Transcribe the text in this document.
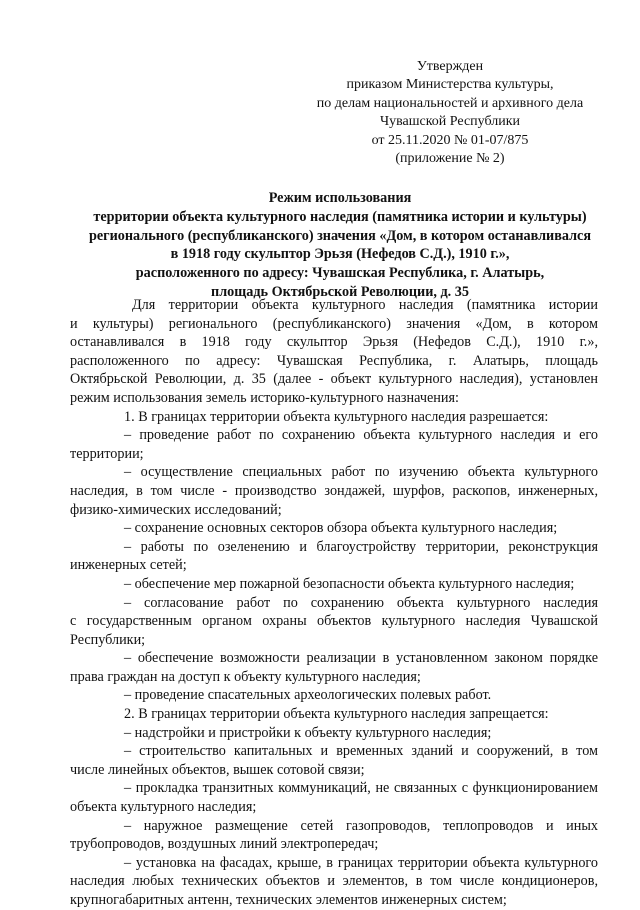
Утвержден
приказом Министерства культуры,
по делам национальностей и архивного дела
Чувашской Республики
от 25.11.2020 № 01-07/875
(приложение № 2)
Режим использования
территории объекта культурного наследия (памятника истории и культуры)
регионального (республиканского) значения «Дом, в котором останавливался
в 1918 году скульптор Эрьзя (Нефедов С.Д.), 1910 г.»,
расположенного по адресу: Чувашская Республика, г. Алатырь,
площадь Октябрьской Революции, д. 35
Для территории объекта культурного наследия (памятника истории
и культуры) регионального (республиканского) значения «Дом, в котором
останавливался в 1918 году скульптор Эрьзя (Нефедов С.Д.), 1910 г.»,
расположенного по адресу: Чувашская Республика, г. Алатырь, площадь
Октябрьской Революции, д. 35 (далее - объект культурного наследия), установлен
режим использования земель историко-культурного назначения:
1. В границах территории объекта культурного наследия разрешается:
– проведение работ по сохранению объекта культурного наследия и его
территории;
– осуществление специальных работ по изучению объекта культурного
наследия, в том числе - производство зондажей, шурфов, раскопов, инженерных,
физико-химических исследований;
– сохранение основных секторов обзора объекта культурного наследия;
– работы по озеленению и благоустройству территории, реконструкция
инженерных сетей;
– обеспечение мер пожарной безопасности объекта культурного наследия;
– согласование работ по сохранению объекта культурного наследия
с государственным органом охраны объектов культурного наследия Чувашской
Республики;
– обеспечение возможности реализации в установленном законом порядке
права граждан на доступ к объекту культурного наследия;
– проведение спасательных археологических полевых работ.
2. В границах территории объекта культурного наследия запрещается:
– надстройки и пристройки к объекту культурного наследия;
– строительство капитальных и временных зданий и сооружений, в том
числе линейных объектов, вышек сотовой связи;
– прокладка транзитных коммуникаций, не связанных с функционированием
объекта культурного наследия;
– наружное размещение сетей газопроводов, теплопроводов и иных
трубопроводов, воздушных линий электропередач;
– установка на фасадах, крыше, в границах территории объекта культурного
наследия любых технических объектов и элементов, в том числе кондиционеров,
крупногабаритных антенн, технических элементов инженерных систем;
